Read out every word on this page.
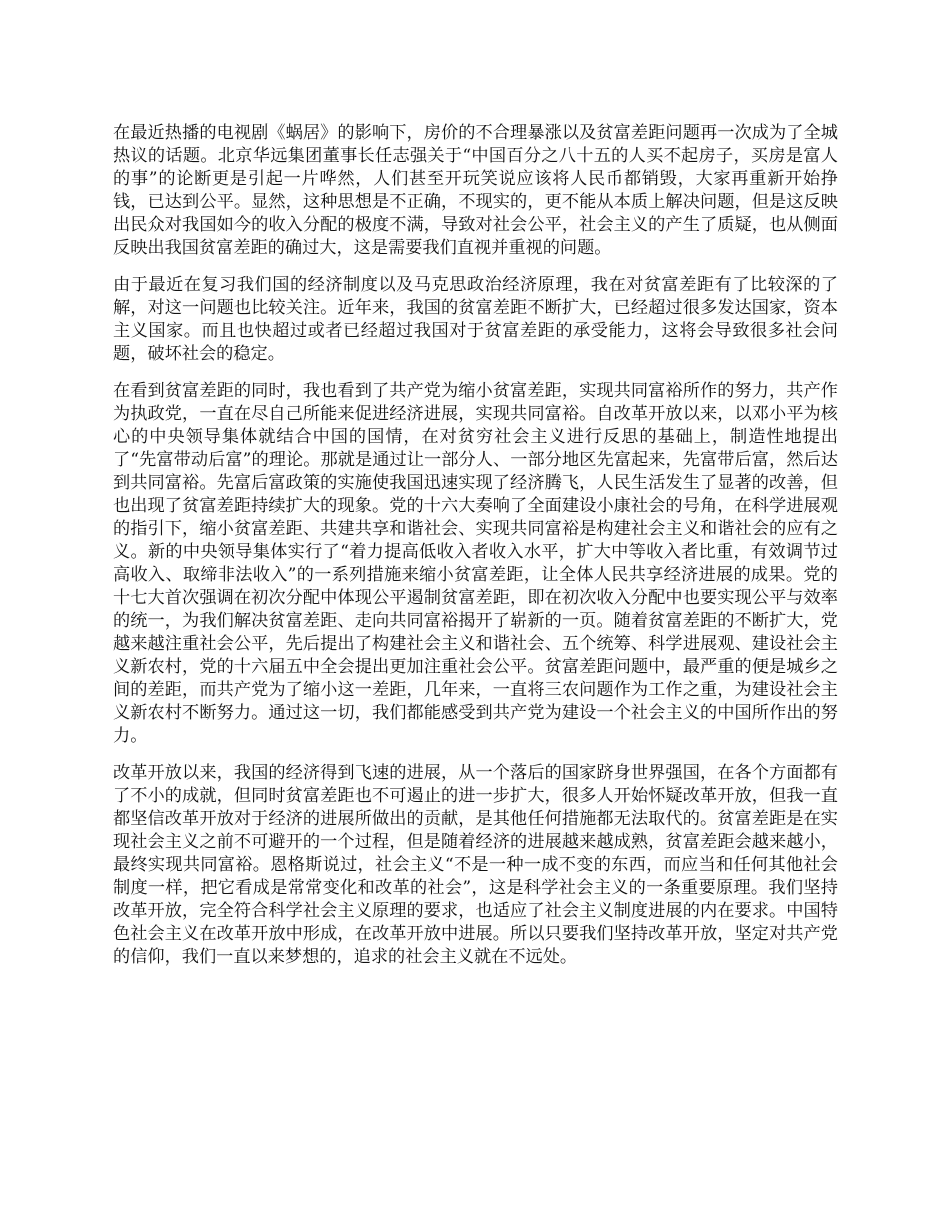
在最近热播的电视剧《蜗居》的影响下，房价的不合理暴涨以及贫富差距问题再一次成为了全城热议的话题。北京华远集团董事长任志强关于“中国百分之八十五的人买不起房子，买房是富人的事”的论断更是引起一片哗然，人们甚至开玩笑说应该将人民币都销毁，大家再重新开始挣钱，已达到公平。显然，这种思想是不正确，不现实的，更不能从本质上解决问题，但是这反映出民众对我国如今的收入分配的极度不满，导致对社会公平，社会主义的产生了质疑，也从侧面反映出我国贫富差距的确过大，这是需要我们直视并重视的问题。

由于最近在复习我们国的经济制度以及马克思政治经济原理，我在对贫富差距有了比较深的了解，对这一问题也比较关注。近年来，我国的贫富差距不断扩大，已经超过很多发达国家，资本主义国家。而且也快超过或者已经超过我国对于贫富差距的承受能力，这将会导致很多社会问题，破坏社会的稳定。

在看到贫富差距的同时，我也看到了共产党为缩小贫富差距，实现共同富裕所作的努力，共产作为执政党，一直在尽自己所能来促进经济进展，实现共同富裕。自改革开放以来，以邓小平为核心的中央领导集体就结合中国的国情，在对贫穷社会主义进行反思的基础上，制造性地提出了“先富带动后富”的理论。那就是通过让一部分人、一部分地区先富起来，先富带后富，然后达到共同富裕。先富后富政策的实施使我国迅速实现了经济腾飞，人民生活发生了显著的改善，但也出现了贫富差距持续扩大的现象。党的十六大奏响了全面建设小康社会的号角，在科学进展观的指引下，缩小贫富差距、共建共享和谐社会、实现共同富裕是构建社会主义和谐社会的应有之义。新的中央领导集体实行了“着力提高低收入者收入水平，扩大中等收入者比重，有效调节过高收入、取缔非法收入”的一系列措施来缩小贫富差距，让全体人民共享经济进展的成果。党的十七大首次强调在初次分配中体现公平遏制贫富差距，即在初次收入分配中也要实现公平与效率的统一，为我们解决贫富差距、走向共同富裕揭开了崭新的一页。随着贫富差距的不断扩大，党越来越注重社会公平，先后提出了构建社会主义和谐社会、五个统筹、科学进展观、建设社会主义新农村，党的十六届五中全会提出更加注重社会公平。贫富差距问题中，最严重的便是城乡之间的差距，而共产党为了缩小这一差距，几年来，一直将三农问题作为工作之重，为建设社会主义新农村不断努力。通过这一切，我们都能感受到共产党为建设一个社会主义的中国所作出的努力。

改革开放以来，我国的经济得到飞速的进展，从一个落后的国家跻身世界强国，在各个方面都有了不小的成就，但同时贫富差距也不可遏止的进一步扩大，很多人开始怀疑改革开放，但我一直都坚信改革开放对于经济的进展所做出的贡献，是其他任何措施都无法取代的。贫富差距是在实现社会主义之前不可避开的一个过程，但是随着经济的进展越来越成熟，贫富差距会越来越小，最终实现共同富裕。恩格斯说过，社会主义“不是一种一成不变的东西，而应当和任何其他社会制度一样，把它看成是常常变化和改革的社会”，这是科学社会主义的一条重要原理。我们坚持改革开放，完全符合科学社会主义原理的要求，也适应了社会主义制度进展的内在要求。中国特色社会主义在改革开放中形成，在改革开放中进展。所以只要我们坚持改革开放，坚定对共产党的信仰，我们一直以来梦想的，追求的社会主义就在不远处。
